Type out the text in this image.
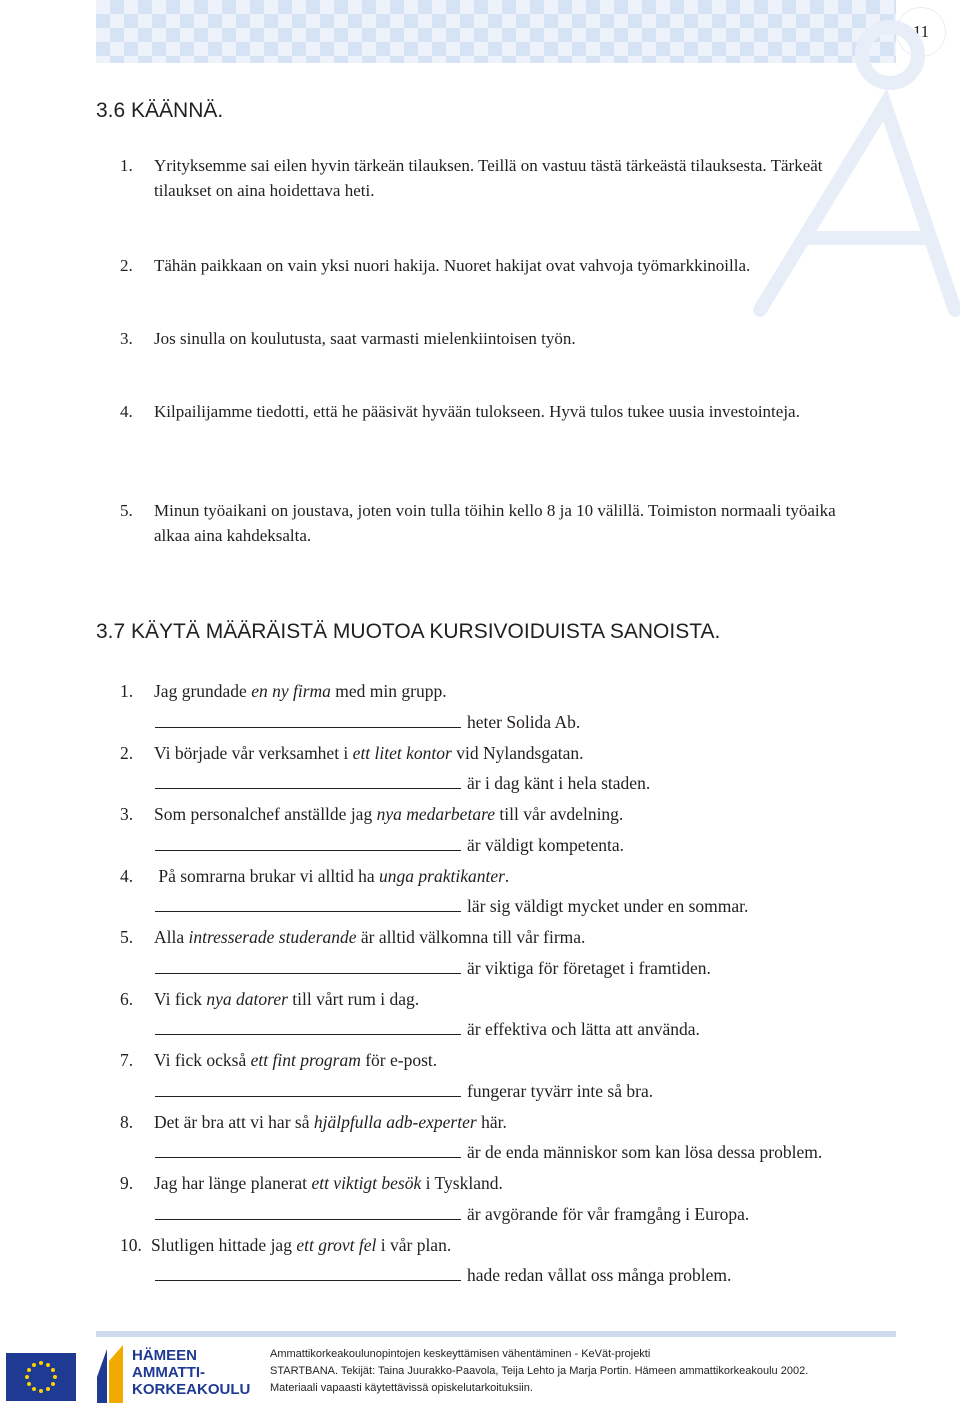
11
3.6 KÄÄNNÄ.
1. Yrityksemme sai eilen hyvin tärkeän tilauksen. Teillä on vastuu tästä tärkeästä tilauksesta. Tärkeät tilaukset on aina hoidettava heti.
2. Tähän paikkaan on vain yksi nuori hakija. Nuoret hakijat ovat vahvoja työmarkkinoilla.
3. Jos sinulla on koulutusta, saat varmasti mielenkiintoisen työn.
4. Kilpailijamme tiedotti, että he pääsivät hyvään tulokseen. Hyvä tulos tukee uusia investointeja.
5. Minun työaikani on joustava, joten voin tulla töihin kello 8 ja 10 välillä. Toimiston normaali työaika alkaa aina kahdeksalta.
3.7 KÄYTÄ MÄÄRÄISTÄ MUOTOA KURSIVOIDUISTA SANOISTA.
1. Jag grundade en ny firma med min grupp.
heter Solida Ab.
2. Vi började vår verksamhet i ett litet kontor vid Nylandsgatan.
är i dag känt i hela staden.
3. Som personalchef anställde jag nya medarbetare till vår avdelning.
är väldigt kompetenta.
4. På somrarna brukar vi alltid ha unga praktikanter.
lär sig väldigt mycket under en sommar.
5. Alla intresserade studerande är alltid välkomna till vår firma.
är viktiga för företaget i framtiden.
6. Vi fick nya datorer till vårt rum i dag.
är effektiva och lätta att använda.
7. Vi fick också ett fint program för e-post.
fungerar tyvärr inte så bra.
8. Det är bra att vi har så hjälpfulla adb-experter här.
är de enda människor som kan lösa dessa problem.
9. Jag har länge planerat ett viktigt besök i Tyskland.
är avgörande för vår framgång i Europa.
10. Slutligen hittade jag ett grovt fel i vår plan.
hade redan vållat oss många problem.
HÄMEEN
AMMATTI-
KORKEAKOULU
Ammattikorkeakoulunopintojen keskeyttämisen vähentäminen - KeVät-projekti
STARTBANA. Tekijät: Taina Juurakko-Paavola, Teija Lehto ja Marja Portin. Hämeen ammattikorkeakoulu 2002.
Materiaali vapaasti käytettävissä opiskelutarkoituksiin.
